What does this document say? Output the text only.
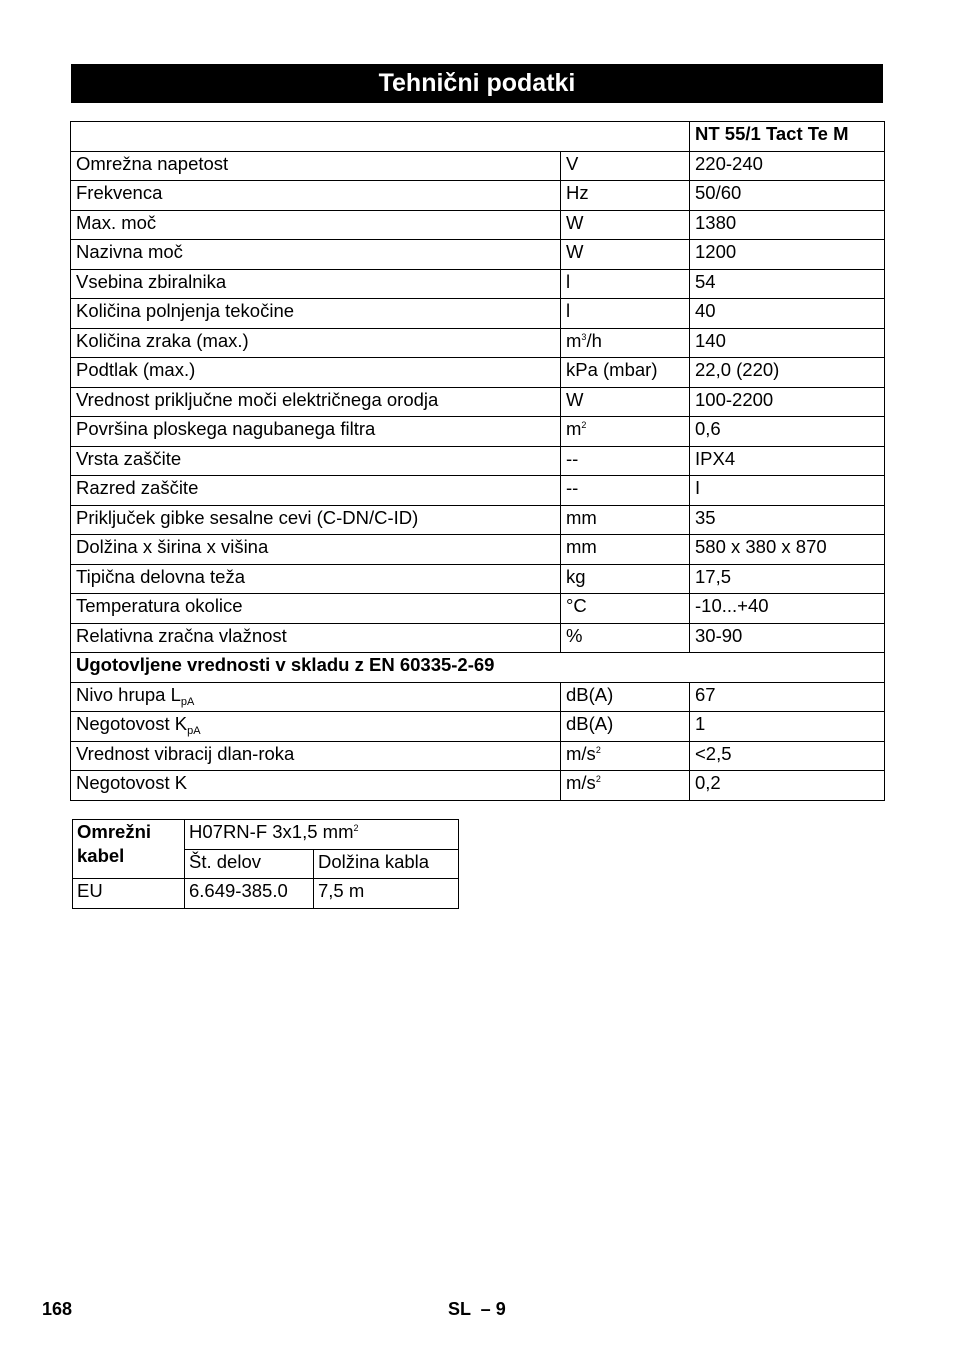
Tehnični podatki
		NT 55/1 Tact Te M
Omrežna napetost	V	220-240
Frekvenca	Hz	50/60
Max. moč	W	1380
Nazivna moč	W	1200
Vsebina zbiralnika	l	54
Količina polnjenja tekočine	l	40
Količina zraka (max.)	$m^3/h$	140
Podtlak (max.)	kPa (mbar)	22,0 (220)
Vrednost priključne moči električnega orodja	W	100-2200
Površina ploskega nagubanega filtra	$m^2$	0,6
Vrsta zaščite	--	IPX4
Razred zaščite	--	I
Priključek gibke sesalne cevi (C-DN/C-ID)	mm	35
Dolžina x širina x višina	mm	580 x 380 x 870
Tipična delovna teža	kg	17,5
Temperatura okolice	°C	-10...+40
Relativna zračna vlažnost	%	30-90
Ugotovljene vrednosti v skladu z EN 60335-2-69		
Nivo hrupa $L_{pA}$	dB(A)	67
Negotovost $K_{pA}$	dB(A)	1
Vrednost vibracij dlan-roka	$m/s^2$	<2,5
Negotovost K	$m/s^2$	0,2
Omrežni kabel	H07RN-F 3x1,5 $mm^2$
	Št. delov	Dolžina kabla
EU	6.649-385.0	7,5 m
168	SL  – 9
